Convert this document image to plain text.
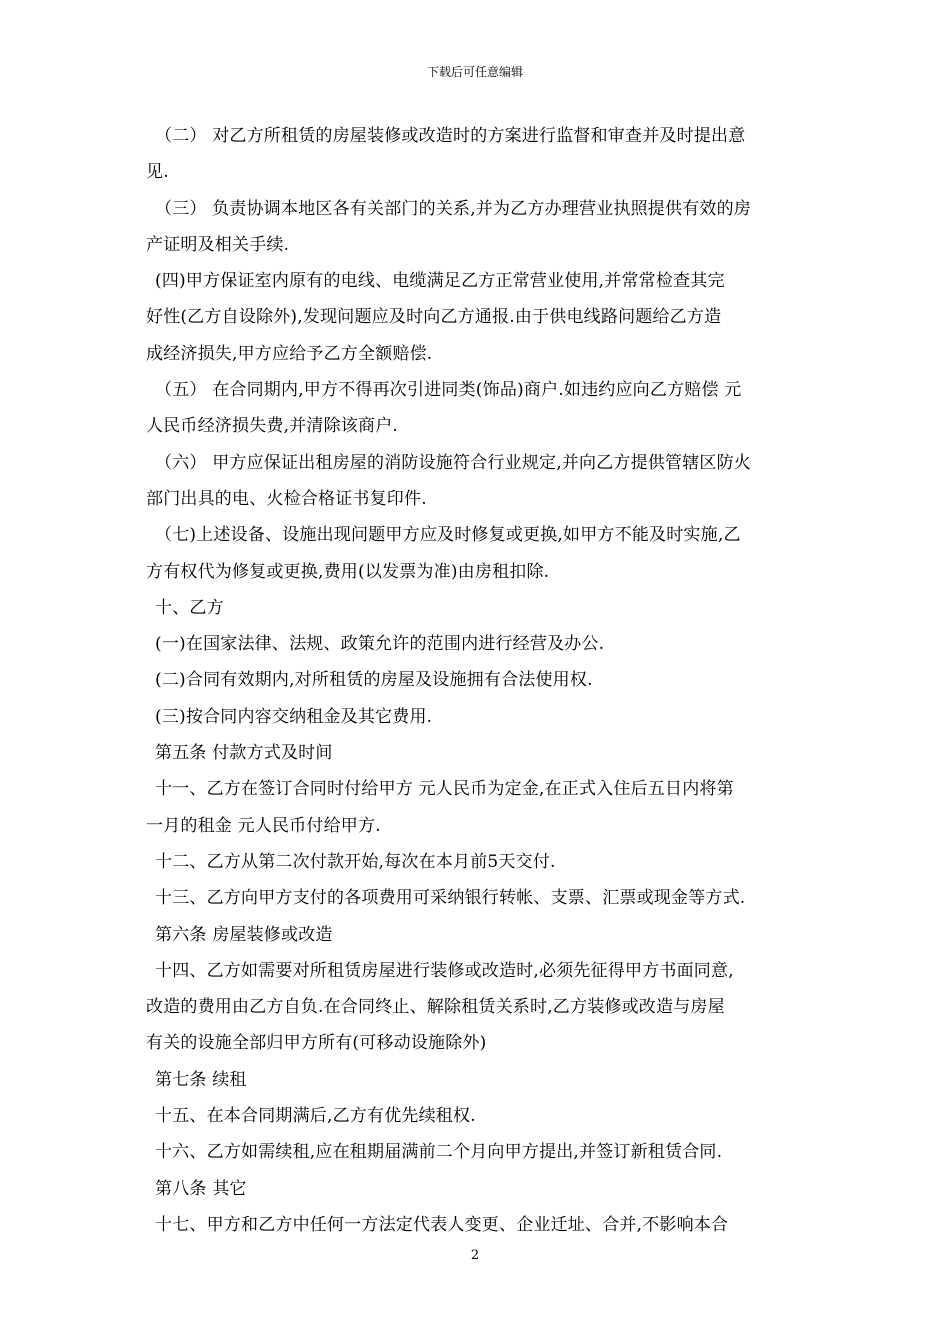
下载后可任意编辑

（二） 对乙方所租赁的房屋装修或改造时的方案进行监督和审查并及时提出意

见.

（三） 负责协调本地区各有关部门的关系,并为乙方办理营业执照提供有效的房

产证明及相关手续.

(四)甲方保证室内原有的电线、电缆满足乙方正常营业使用,并常常检查其完

好性(乙方自设除外),发现问题应及时向乙方通报.由于供电线路问题给乙方造

成经济损失,甲方应给予乙方全额赔偿.

（五） 在合同期内,甲方不得再次引进同类(饰品)商户.如违约应向乙方赔偿 元

人民币经济损失费,并清除该商户.

（六） 甲方应保证出租房屋的消防设施符合行业规定,并向乙方提供管辖区防火

部门出具的电、火检合格证书复印件.

（七)上述设备、设施出现问题甲方应及时修复或更换,如甲方不能及时实施,乙

方有权代为修复或更换,费用(以发票为准)由房租扣除.

十、乙方

(一)在国家法律、法规、政策允许的范围内进行经营及办公.

(二)合同有效期内,对所租赁的房屋及设施拥有合法使用权.

(三)按合同内容交纳租金及其它费用.

第五条 付款方式及时间

十一、乙方在签订合同时付给甲方 元人民币为定金,在正式入住后五日内将第

一月的租金 元人民币付给甲方.

十二、乙方从第二次付款开始,每次在本月前5天交付.

十三、乙方向甲方支付的各项费用可采纳银行转帐、支票、汇票或现金等方式.

第六条 房屋装修或改造

十四、乙方如需要对所租赁房屋进行装修或改造时,必须先征得甲方书面同意,

改造的费用由乙方自负.在合同终止、解除租赁关系时,乙方装修或改造与房屋

有关的设施全部归甲方所有(可移动设施除外)

第七条 续租

十五、在本合同期满后,乙方有优先续租权.

十六、乙方如需续租,应在租期届满前二个月向甲方提出,并签订新租赁合同.

第八条 其它

十七、甲方和乙方中任何一方法定代表人变更、企业迁址、合并,不影响本合

2
